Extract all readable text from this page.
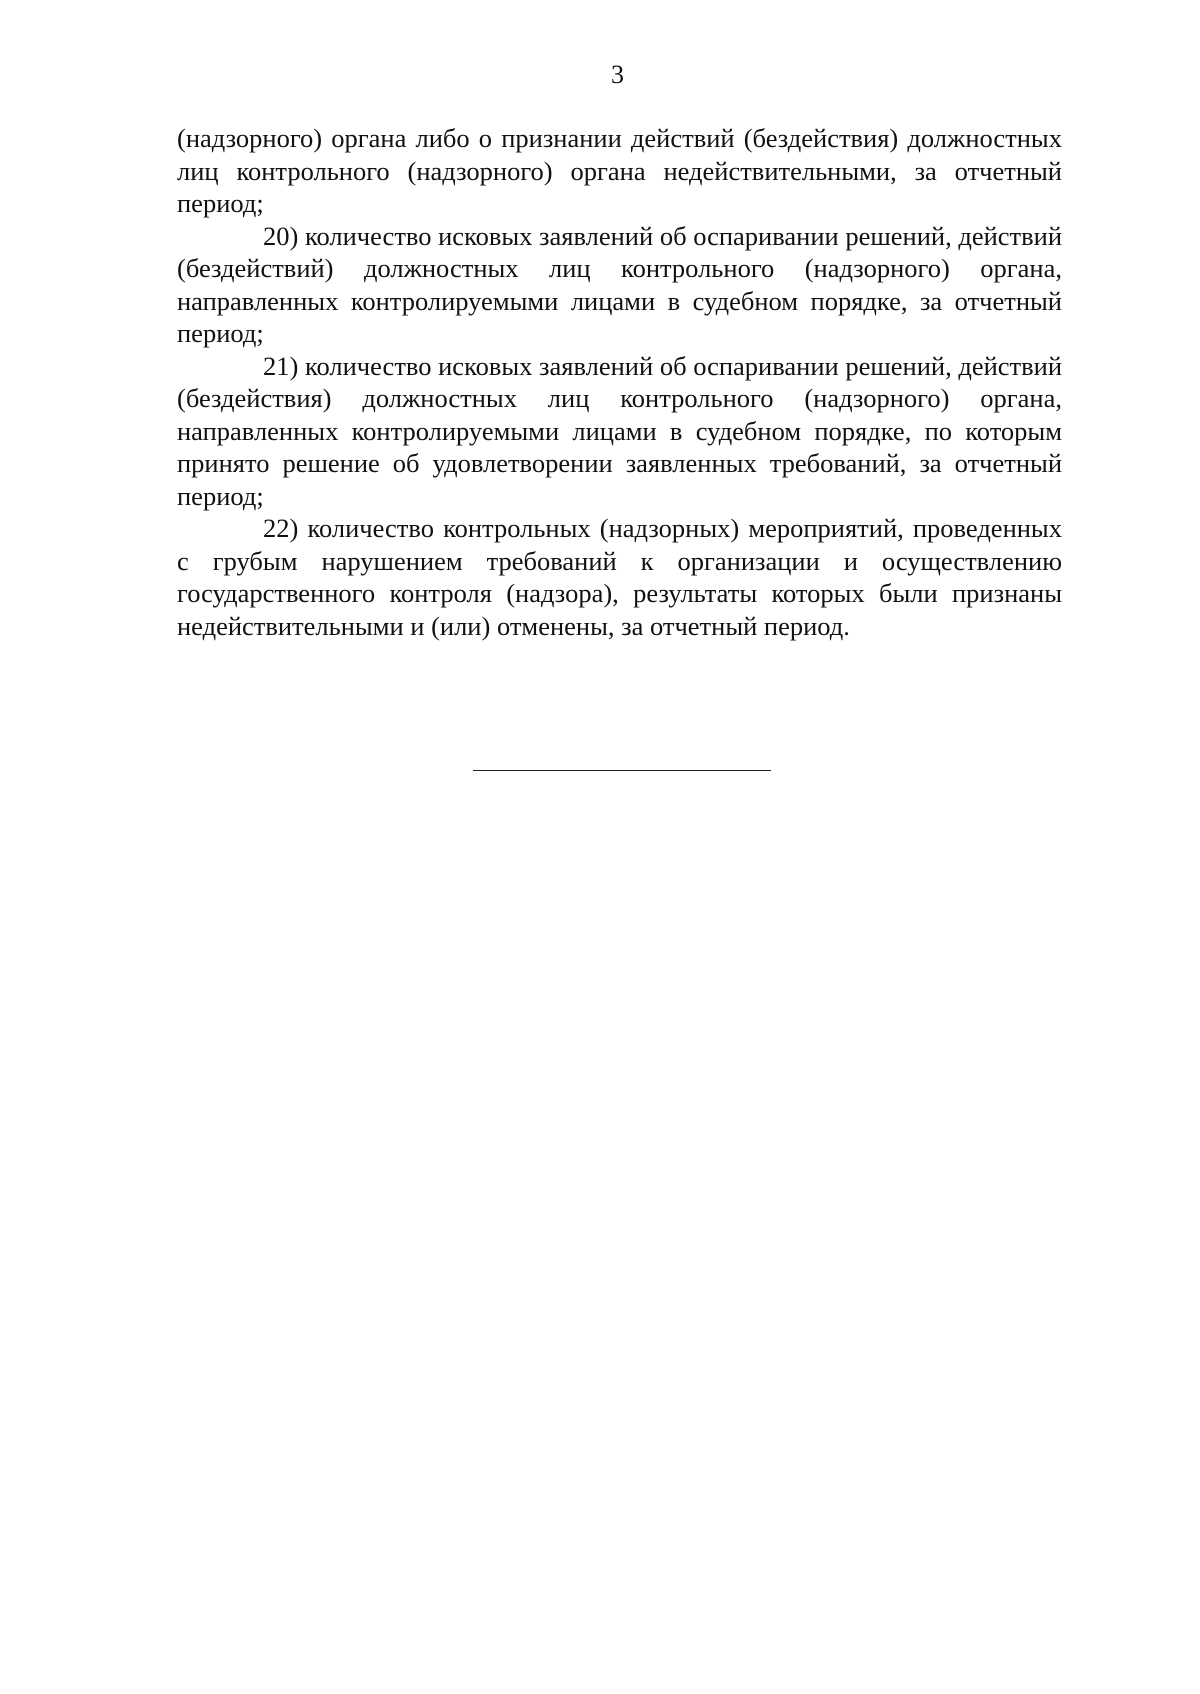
3

(надзорного) органа либо о признании действий (бездействия) должностных лиц контрольного (надзорного) органа недействительными, за отчетный период;

20) количество исковых заявлений об оспаривании решений, действий (бездействий) должностных лиц контрольного (надзорного) органа, направленных контролируемыми лицами в судебном порядке, за отчетный период;

21) количество исковых заявлений об оспаривании решений, действий (бездействия) должностных лиц контрольного (надзорного) органа, направленных контролируемыми лицами в судебном порядке, по которым принято решение об удовлетворении заявленных требований, за отчетный период;

22) количество контрольных (надзорных) мероприятий, проведенных с грубым нарушением требований к организации и осуществлению государственного контроля (надзора), результаты которых были признаны недействительными и (или) отменены, за отчетный период.
